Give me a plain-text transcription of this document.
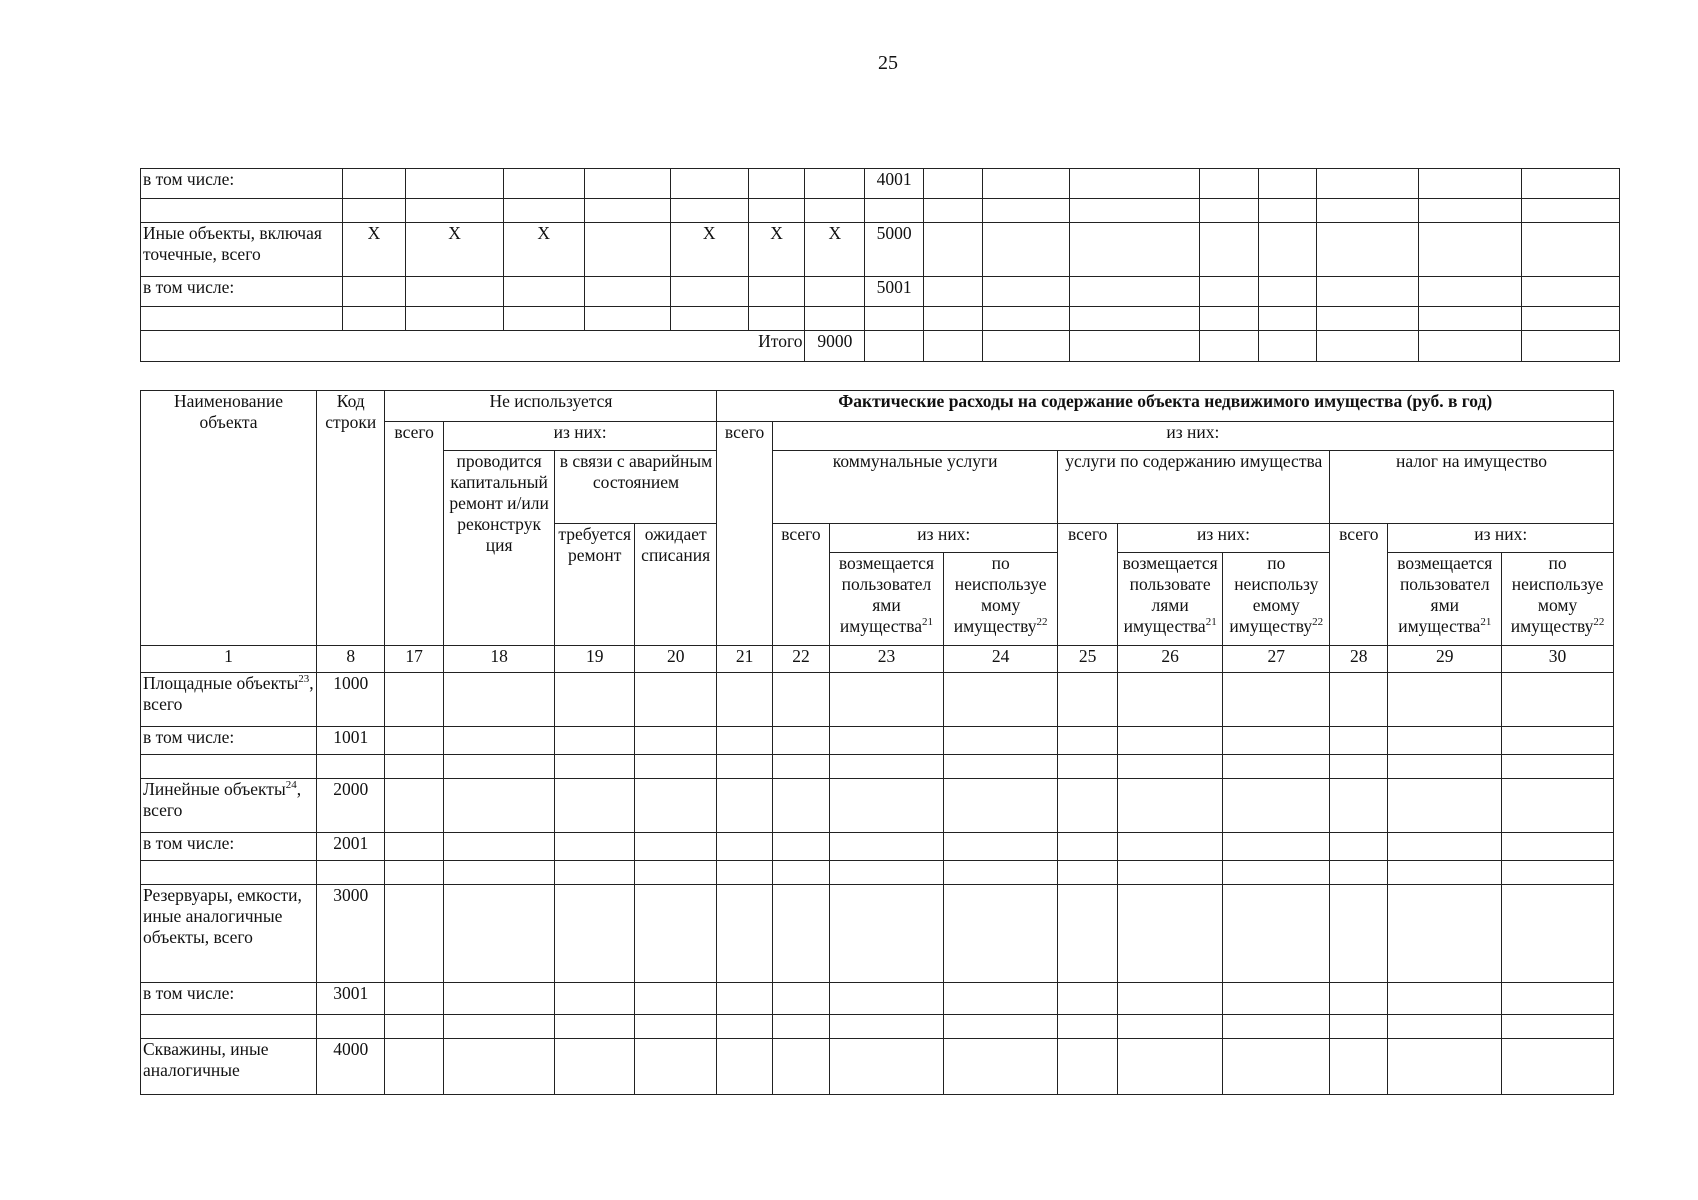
25
в том числе:								4001								

Иные объекты, включая точечные, всего	X	X	X		X	X	X	5000								
в том числе:								5001								

Итого							9000									
Наименование объекта	Код строки	Не используется				Фактические расходы на содержание объекта недвижимого имущества (руб. в год)									
		всего	из них:			всего	из них:								
			проводится капитальный ремонт и/или реконструк ция	в связи с аварийным состоянием			коммунальные услуги			услуги по содержанию имущества			налог на имущество		
				требуется ремонт	ожидает списания		всего	из них:		всего	из них:		всего	из них:	
								возмещается пользовател ями имущества$^{21}$	по неиспользуе мому имуществу$^{22}$		возмещается пользовате лями имущества$^{21}$	по неиспользу емому имуществу$^{22}$		возмещается пользовател ями имущества$^{21}$	по неиспользуе мому имуществу$^{22}$

1	8	17	18	19	20	21	22	23	24	25	26	27	28	29	30
Площадные объекты$^{23}$, всего	1000														
в том числе:	1001														

Линейные объекты$^{24}$, всего	2000														
в том числе:	2001														

Резервуары, емкости, иные аналогичные объекты, всего	3000														
в том числе:	3001														

Скважины, иные аналогичные	4000														
